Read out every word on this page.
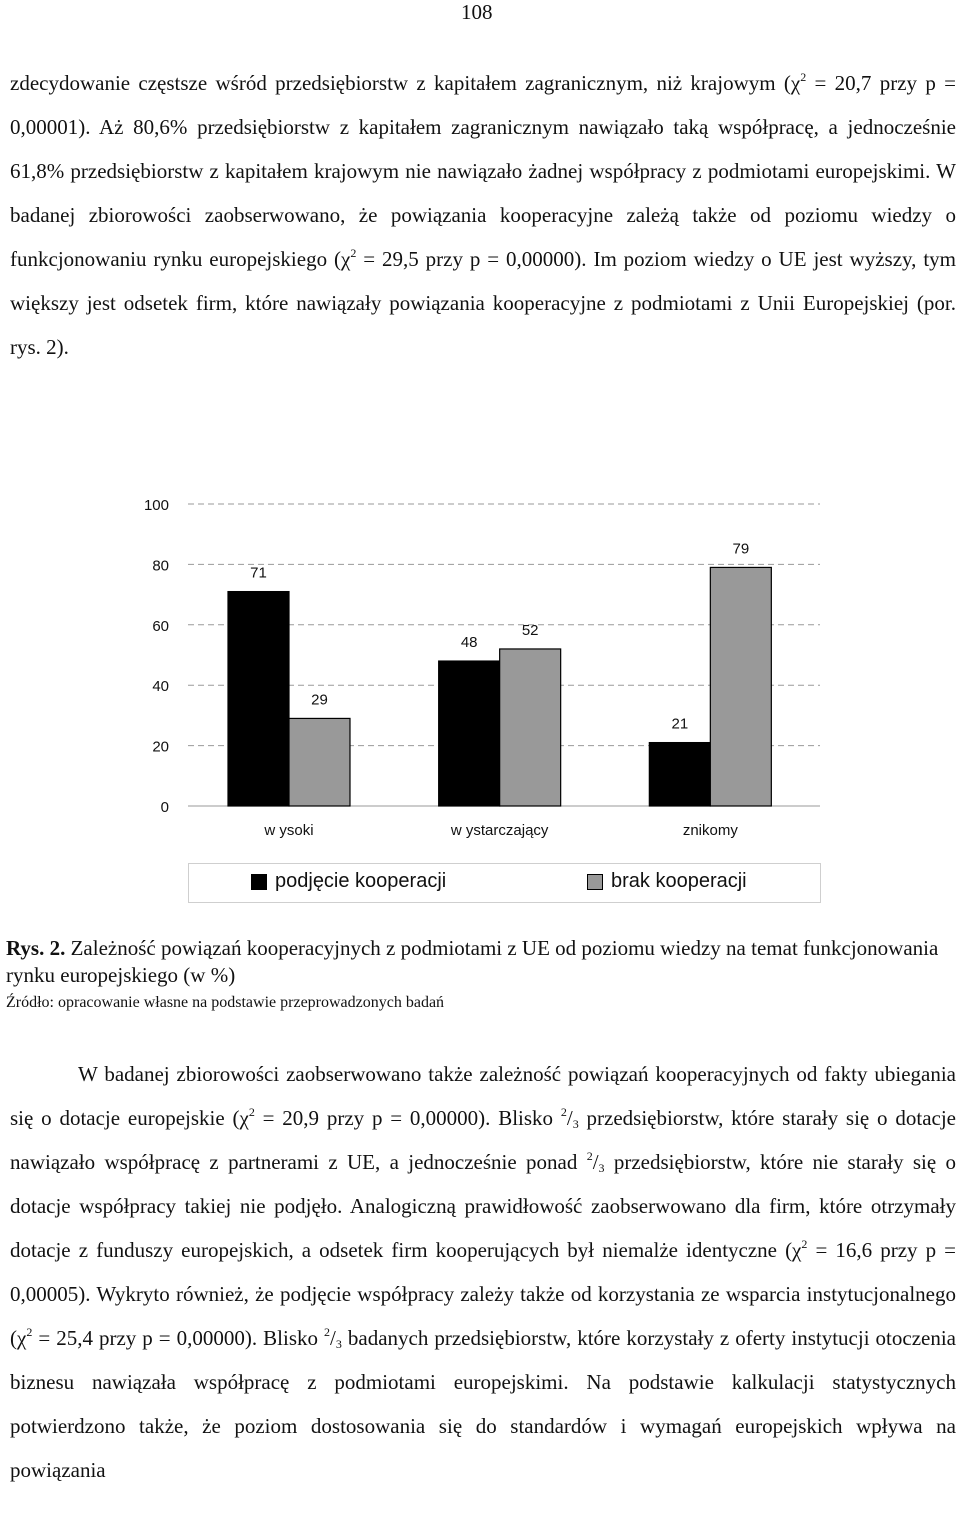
108

zdecydowanie częstsze wśród przedsiębiorstw z kapitałem zagranicznym, niż krajowym ($\chi^2 = 20,7$ przy p = 0,00001). Aż 80,6% przedsiębiorstw z kapitałem zagranicznym nawiązało taką współpracę, a jednocześnie 61,8% przedsiębiorstw z kapitałem krajowym nie nawiązało żadnej współpracy z podmiotami europejskimi. W badanej zbiorowości zaobserwowano, że powiązania kooperacyjne zależą także od poziomu wiedzy o funkcjonowaniu rynku europejskiego ($\chi^2 = 29,5$ przy p = 0,00000). Im poziom wiedzy o UE jest wyższy, tym większy jest odsetek firm, które nawiązały powiązania kooperacyjne z podmiotami z Unii Europejskiej (por. rys. 2).

0
20
40
60
80
100
71
29
w ysoki
48
52
w ystarczający
21
79
znikomy
podjęcie kooperacji	brak kooperacji
Rys. 2. Zależność powiązań kooperacyjnych z podmiotami z UE od poziomu wiedzy na temat funkcjonowania rynku europejskiego (w %)
Źródło: opracowanie własne na podstawie przeprowadzonych badań

W badanej zbiorowości zaobserwowano także zależność powiązań kooperacyjnych od fakty ubiegania się o dotacje europejskie ($\chi^2 = 20,9$ przy p = 0,00000). Blisko $^2/_3$ przedsiębiorstw, które starały się o dotacje nawiązało współpracę z partnerami z UE, a jednocześnie ponad $^2/_3$ przedsiębiorstw, które nie starały się o dotacje współpracy takiej nie podjęło. Analogiczną prawidłowość zaobserwowano dla firm, które otrzymały dotacje z funduszy europejskich, a odsetek firm kooperujących był niemalże identyczne ($\chi^2 = 16,6$ przy p = 0,00005). Wykryto również, że podjęcie współpracy zależy także od korzystania ze wsparcia instytucjonalnego ($\chi^2 = 25,4$ przy p = 0,00000). Blisko $^2/_3$ badanych przedsiębiorstw, które korzystały z oferty instytucji otoczenia biznesu nawiązała współpracę z podmiotami europejskimi. Na podstawie kalkulacji statystycznych potwierdzono także, że poziom dostosowania się do standardów i wymagań europejskich wpływa na powiązania
